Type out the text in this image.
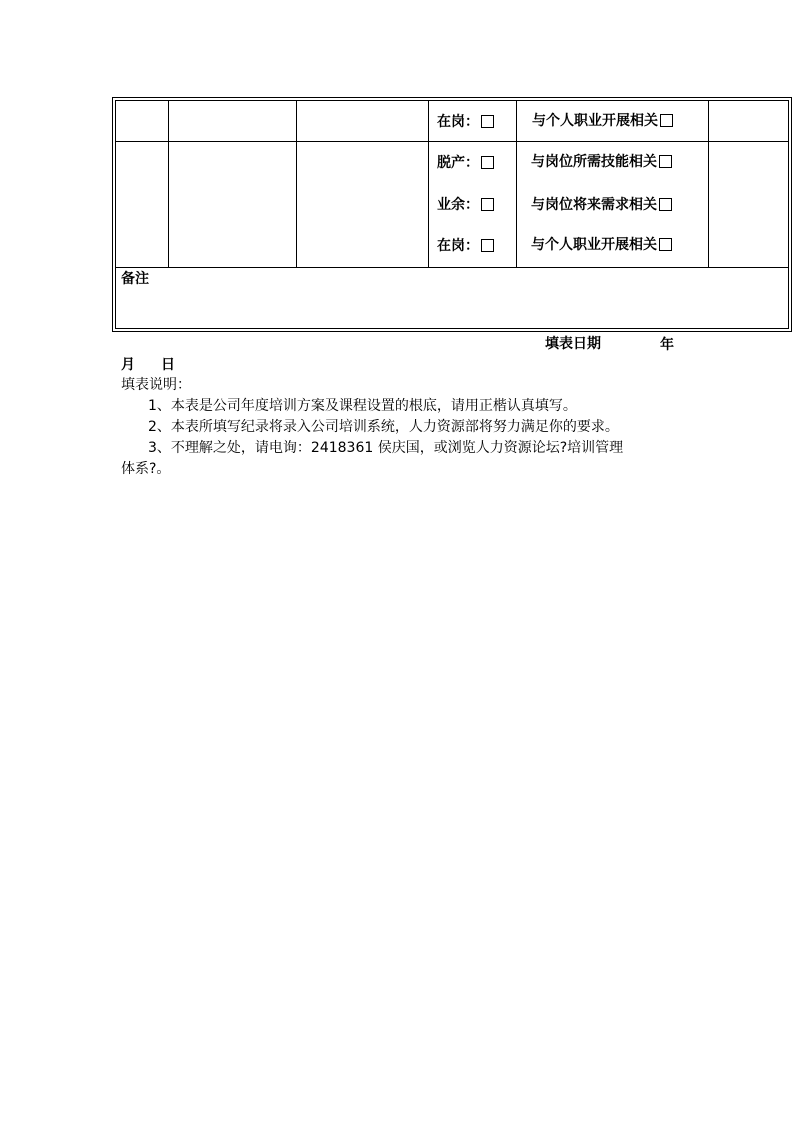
在岗：	与个人职业开展相关
脱产：
业余：
在岗：
与岗位所需技能相关
与岗位将来需求相关
与个人职业开展相关
备注
填表日期	年
月 日
填表说明：
1、本表是公司年度培训方案及课程设置的根底，请用正楷认真填写。
2、本表所填写纪录将录入公司培训系统，人力资源部将努力满足你的要求。
3、不理解之处，请电询：2418361 侯庆国，或浏览人力资源论坛?培训管理
体系?。
